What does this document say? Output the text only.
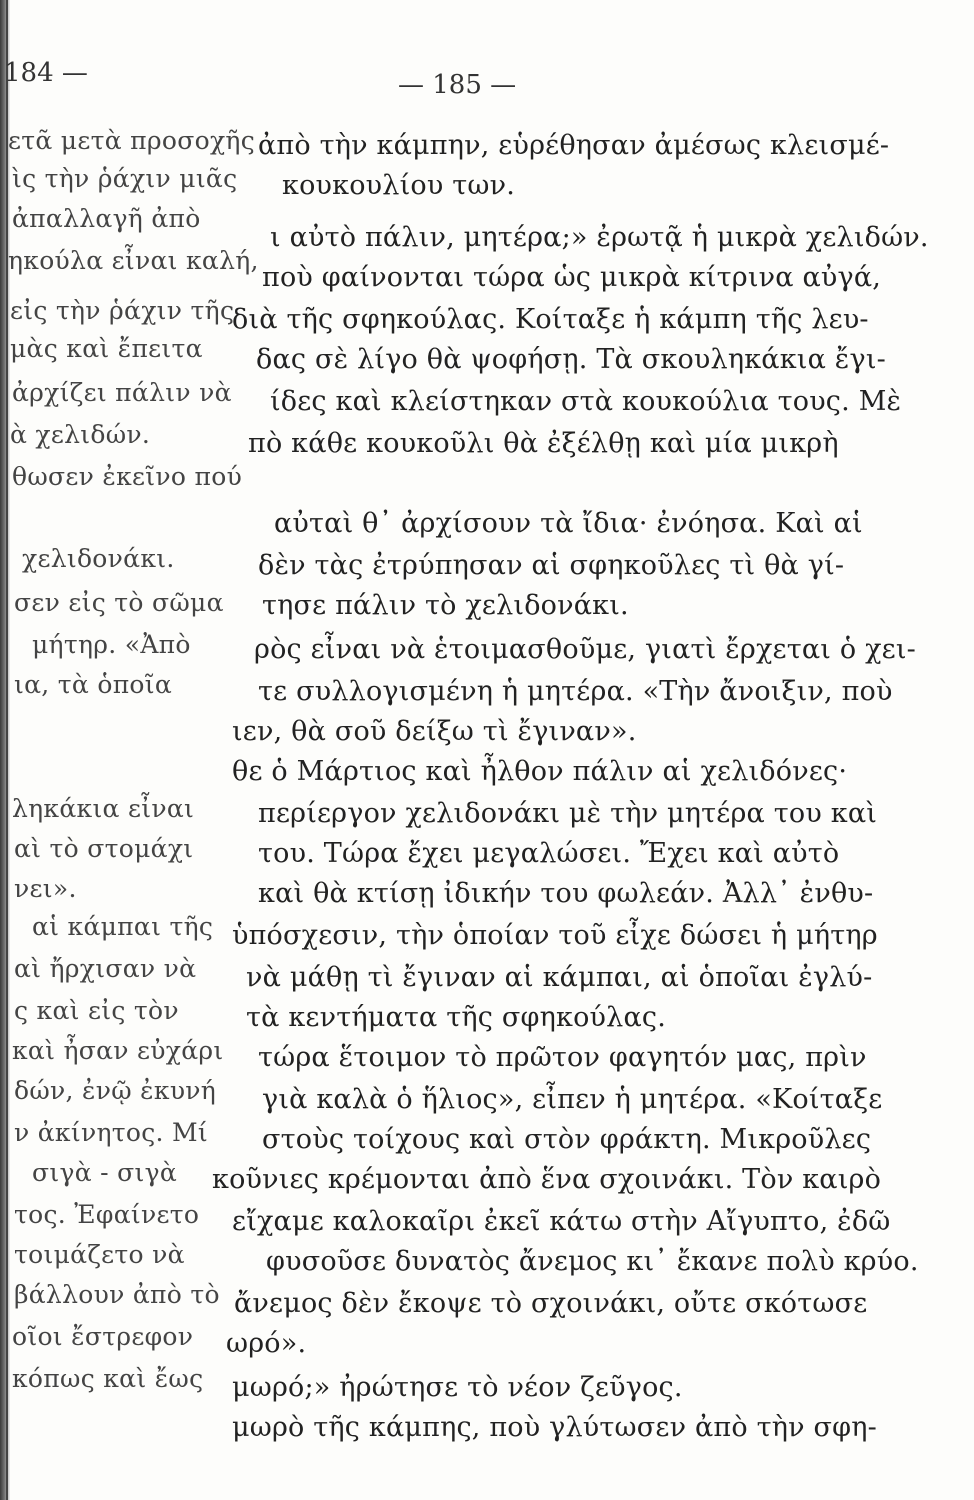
184 —	— 185 —
ετᾶ μετὰ προσοχῆς
ὶς τὴν ῥάχιν μιᾶς
ἀπαλλαγῆ ἀπὸ
ηκούλα εἶναι καλή,
εἰς τὴν ῥάχιν τῆς
μὰς καὶ ἔπειτα
ἀρχίζει πάλιν νὰ
ὰ χελιδών.
θωσεν ἐκεῖνο πού
χελιδονάκι.
σεν εἰς τὸ σῶμα
μήτηρ. «Ἀπὸ
ια, τὰ ὁποῖα
ληκάκια εἶναι
αὶ τὸ στομάχι
νει».
αἱ κάμπαι τῆς
αὶ ἤρχισαν νὰ
ς καὶ εἰς τὸν
καὶ ἦσαν εὐχάρι
δών, ἐνῷ ἐκυνή
ν ἀκίνητος. Μί
σιγὰ - σιγὰ
τος. Ἐφαίνετο
τοιμάζετο νὰ
βάλλουν ἀπὸ τὸ
οῖοι ἔστρεφον
κόπως καὶ ἔως
ἀπὸ τὴν κάμπην, εὑρέθησαν ἀμέσως κλεισμέ-
κουκουλίου των.
ι αὐτὸ πάλιν, μητέρα;» ἐρωτᾷ ἡ μικρὰ χελιδών.
ποὺ φαίνονται τώρα ὡς μικρὰ κίτρινα αὐγά,
διὰ τῆς σφηκούλας. Κοίταξε ἡ κάμπη τῆς λευ-
δας σὲ λίγο θὰ ψοφήσῃ. Τὰ σκουληκάκια ἔγι-
ίδες καὶ κλείστηκαν στὰ κουκούλια τους. Μὲ
πὸ κάθε κουκοῦλι θὰ ἐξέλθῃ καὶ μία μικρὴ
αὐταὶ θ᾽ ἀρχίσουν τὰ ἴδια· ἐνόησα. Καὶ αἱ
δὲν τὰς ἐτρύπησαν αἱ σφηκοῦλες τὶ θὰ γί-
τησε πάλιν τὸ χελιδονάκι.
ρὸς εἶναι νὰ ἑτοιμασθοῦμε, γιατὶ ἔρχεται ὁ χει-
τε συλλογισμένη ἡ μητέρα. «Τὴν ἄνοιξιν, ποὺ
ιεν, θὰ σοῦ δείξω τὶ ἔγιναν».
θε ὁ Μάρτιος καὶ ἦλθον πάλιν αἱ χελιδόνες·
περίεργον χελιδονάκι μὲ τὴν μητέρα του καὶ
του. Τώρα ἔχει μεγαλώσει. Ἔχει καὶ αὐτὸ
καὶ θὰ κτίσῃ ἰδικήν του φωλεάν. Ἀλλ᾽ ἐνθυ-
ὑπόσχεσιν, τὴν ὁποίαν τοῦ εἶχε δώσει ἡ μήτηρ
νὰ μάθῃ τὶ ἔγιναν αἱ κάμπαι, αἱ ὁποῖαι ἐγλύ-
τὰ κεντήματα τῆς σφηκούλας.
τώρα ἕτοιμον τὸ πρῶτον φαγητόν μας, πρὶν
γιὰ καλὰ ὁ ἥλιος», εἶπεν ἡ μητέρα. «Κοίταξε
στοὺς τοίχους καὶ στὸν φράκτη. Μικροῦλες
κοῦνιες κρέμονται ἀπὸ ἕνα σχοινάκι. Τὸν καιρὸ
εἴχαμε καλοκαῖρι ἐκεῖ κάτω στὴν Αἴγυπτο, ἐδῶ
φυσοῦσε δυνατὸς ἄνεμος κι᾽ ἔκανε πολὺ κρύο.
ἄνεμος δὲν ἔκοψε τὸ σχοινάκι, οὔτε σκότωσε
ωρό».
μωρό;» ἠρώτησε τὸ νέον ζεῦγος.
μωρὸ τῆς κάμπης, ποὺ γλύτωσεν ἀπὸ τὴν σφη-
